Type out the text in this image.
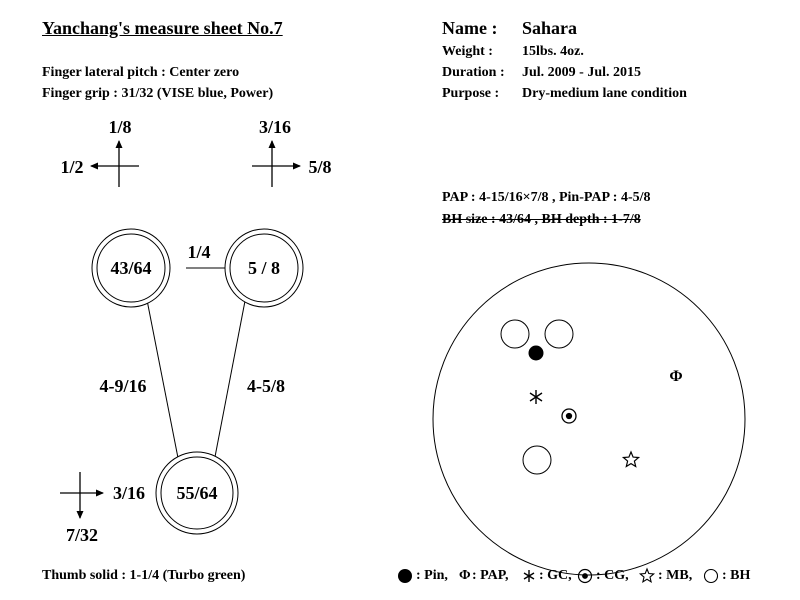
Yanchang's measure sheet No.7
Finger lateral pitch : Center zero
Finger grip : 31/32 (VISE blue, Power)
Name : Sahara
Weight : 15lbs. 4oz.
Duration : Jul. 2009 - Jul. 2015
Purpose : Dry-medium lane condition
PAP : 4-15/16×7/8 , Pin-PAP : 4-5/8
BH size : 43/64 , BH depth : 1-7/8
1/8
1/2
3/16
5/8
3/16
7/32
43/64	5 / 8
55/64
1/4
4-9/16	4-5/8	Φ
Thumb solid : 1-1/4 (Turbo green)	: Pin, Φ : PAP, : GC, : CG, : MB, : BH
